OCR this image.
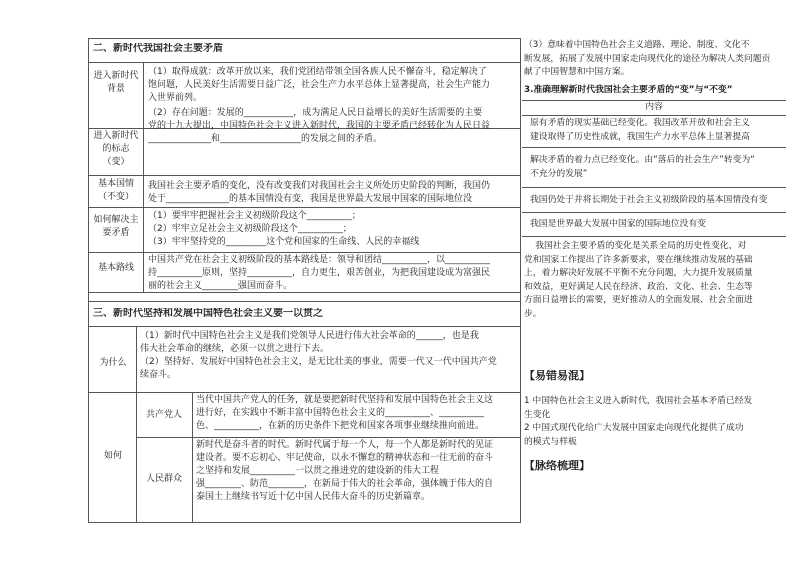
二、新时代我国社会主要矛盾
进入新时代背景
（1）取得成就：改革开放以来，我们党团结带领全国各族人民不懈奋斗，稳定解决了
饱问题，人民美好生活需要日益广泛，社会生产力水平总体上显著提高，社会生产能力
入世界前列。
进入新时代的标志（变）
（2）存在问题：发展的___________，成为满足人民日益增长的美好生活需要的主要
党的十九大提出，中国特色社会主义进入新时代，我国的主要矛盾已经转化为人民日益
______________和__________________的发展之间的矛盾。
基本国情（不变）
我国社会主要矛盾的变化，没有改变我们对我国社会主义所处历史阶段的判断，我国仍
处于______________的基本国情没有变，我国是世界最大发展中国家的国际地位没
如何解决主要矛盾
（1）要牢牢把握社会主义初级阶段这个__________；
（2）牢牢立足社会主义初级阶段这个__________；
（3）牢牢坚持党的_________这个党和国家的生命线、人民的幸福线
基本路线
中国共产党在社会主义初级阶段的基本路线是：领导和团结__________，以__________
持__________原则，坚持__________，自力更生，艰苦创业，为把我国建设成为富强民
丽的社会主义________强国而奋斗。
三、新时代坚持和发展中国特色社会主义要一以贯之
为什么
（1）新时代中国特色社会主义是我们党领导人民进行伟大社会革命的______，也是我
伟大社会革命的继续，必须一以贯之进行下去。
（2）坚持好、发展好中国特色社会主义，是无比壮美的事业，需要一代又一代中国共产党
续奋斗。
如何
共产党人
当代中国共产党人的任务，就是要把新时代坚持和发展中国特色社会主义这
进行好，在实践中不断丰富中国特色社会主义的__________、__________
色、__________，在新的历史条件下把党和国家各项事业继续推向前进。
人民群众
新时代是奋斗者的时代。新时代属于每一个人，每一个人都是新时代的见证
建设者。要不忘初心、牢记使命，以永不懈怠的精神状态和一往无前的奋斗
之坚持和发展__________一以贯之推进党的建设新的伟大工程
强________、防范________，在新局于伟大的社会革命，强体魄于伟大的自
泰国土上继续书写近十亿中国人民伟大奋斗的历史新篇章。
（3）意味着中国特色社会主义道路、理论、制度、文化不
断发展，拓展了发展中国家走向现代化的途径为解决人类问题贡
献了中国智慧和中国方案。
3.准确理解新时代我国社会主要矛盾的“变”与“不变”
内容
原有矛盾的现实基础已经变化。我国改革开放和社会主义
建设取得了历史性成就，我国生产力水平总体上显著提高
解决矛盾的着力点已经变化。由“落后的社会生产”转变为“
不充分的发展”
我国仍处于并将长期处于社会主义初级阶段的基本国情没有变
我国是世界最大发展中国家的国际地位没有变
我国社会主要矛盾的变化是关系全局的历史性变化，对
党和国家工作提出了许多新要求，要在继续推动发展的基础
上，着力解决好发展不平衡不充分问题，大力提升发展质量
和效益，更好满足人民在经济、政治、文化、社会、生态等
方面日益增长的需要，更好推动人的全面发展、社会全面进
步。
【易错易混】
1 中国特色社会主义进入新时代，我国社会基本矛盾已经发
生变化
2 中国式现代化给广大发展中国家走向现代化提供了成功
的模式与样板
【脉络梳理】
